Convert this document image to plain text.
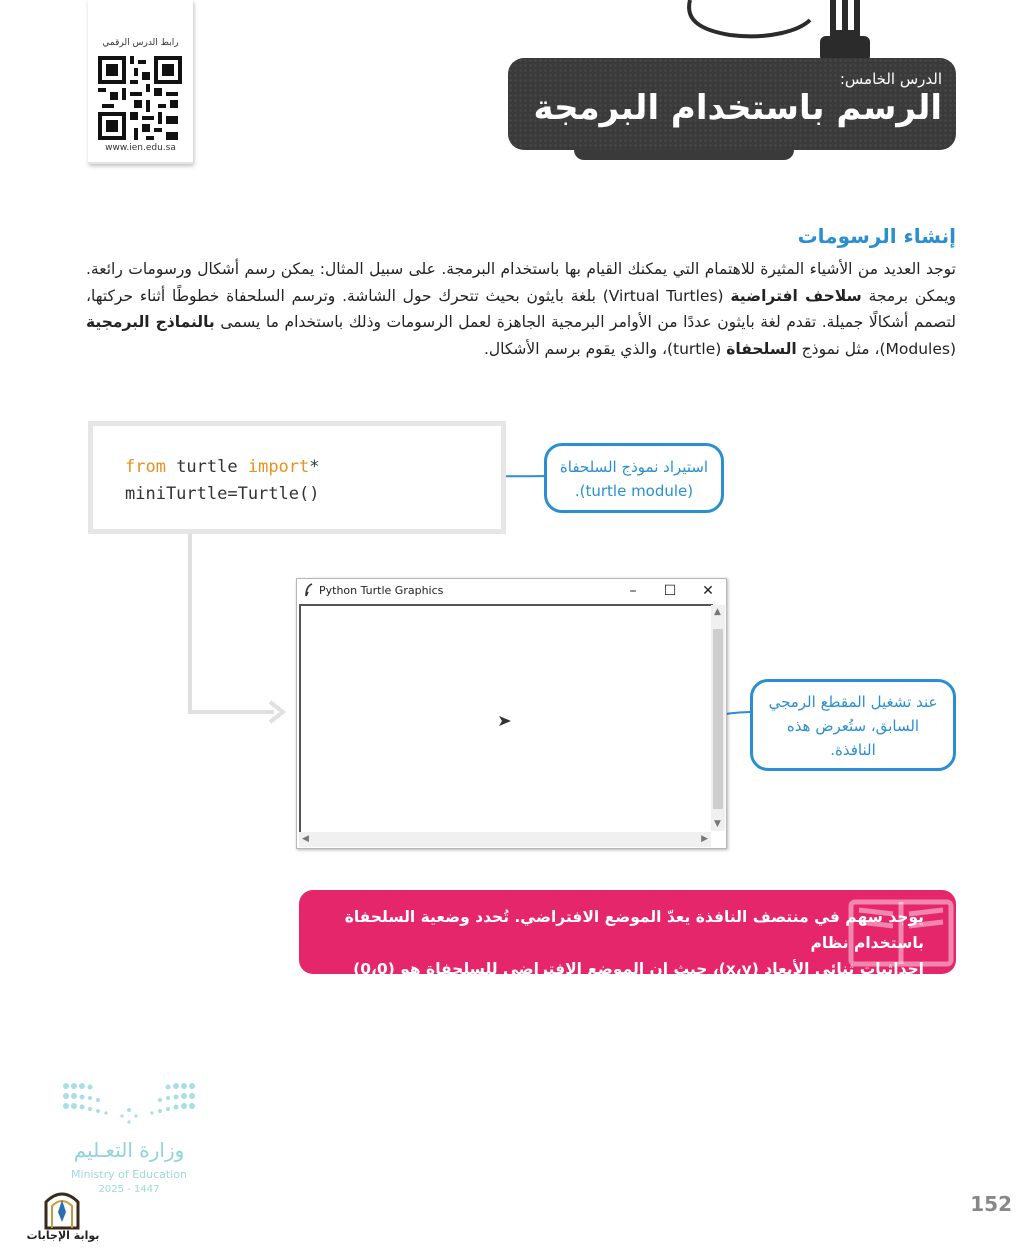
رابط الدرس الرقمي
www.ien.edu.sa
الدرس الخامس:
الرسم باستخدام البرمجة
إنشاء الرسومات
توجد العديد من الأشياء المثيرة للاهتمام التي يمكنك القيام بها باستخدام البرمجة. على سبيل المثال: يمكن رسم أشكال ورسومات رائعة. ويمكن برمجة سلاحف افتراضية (Virtual Turtles) بلغة بايثون بحيث تتحرك حول الشاشة. وترسم السلحفاة خطوطًا أثناء حركتها، لتصمم أشكالًا جميلة. تقدم لغة بايثون عددًا من الأوامر البرمجية الجاهزة لعمل الرسومات وذلك باستخدام ما يسمى بالنماذج البرمجية (Modules)، مثل نموذج السلحفاة (turtle)، والذي يقوم برسم الأشكال.
from turtle import*
miniTurtle=Turtle()
استيراد نموذج السلحفاة
(turtle module).
Python Turtle Graphics	–	☐	✕
▲
▼
◀	▶
عند تشغيل المقطع الرمجي
السابق، ستُعرض هذه
النافذة.
يوجد سهم في منتصف النافذة يعدّ الموضع الافتراضي. تُحدد وضعية السلحفاة باستخدام نظام
إحداثيات ثنائي الأبعاد (x،y)، حيث إن الموضع الافتراضي للسلحفاة هو (0،0) وهو منتصف النافذة.
وزارة التعـليم
Ministry of Education
2025 - 1447
بوابة الإجابات
152
